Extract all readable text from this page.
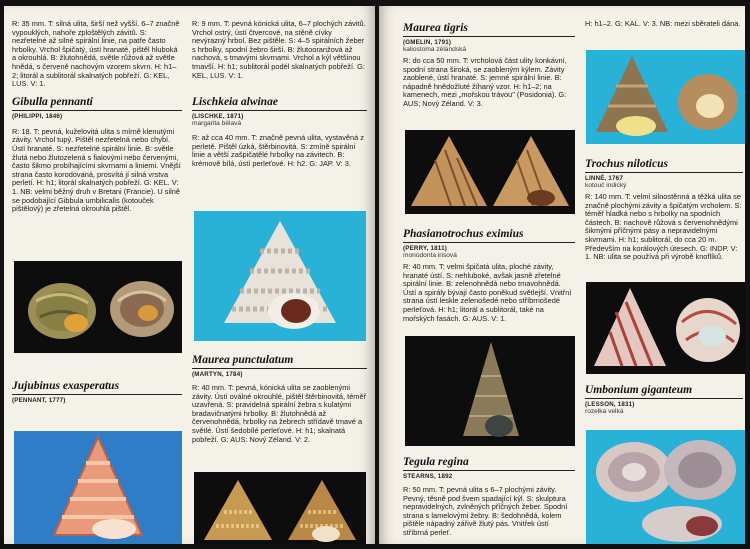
R: 35 mm. T: silná ulita, širší než vyšší. 6–7 značně vypouklých, nahoře zploštělých závitů. S: nezřetelné až silné spirální linie, na patře často hrbolky. Vrchol špičatý, ústí hranaté, pištěl hluboká a okrouhlá. B: žlutohnědá, světle růžová až světle hnědá, s červeně nachovým vzorem skvrn. H: h1–2; litorál a sublitorál skalnatých pobřeží. G: KEL, LUS. V: 1.

Gibulla pennanti

(PHILIPPI, 1846)

R: 18. T: pevná, kuželovitá ulita s mírně klenutými závity. Vrchol tupý. Pištěl nezřetelná nebo chybí. Ústí hranaté. S: nezřetelné spirální linie. B: světle žlutá nebo žlutozelená s fialovými nebo červenými, často šikmo probíhajícími skvrnami a liniemi. Vnější strana často korodovaná, prosvítá jí silná vrstva perletí. H: h1; litorál skalnatých pobřeží. G: KEL. V: 1. NB: velmi běžný druh v Bretani (Francie). U silně se podobající Gibbula umbilicalis (kotouček pištělový) je zřetelná okrouhlá pištěl.

Jujubinus exasperatus

(PENNANT, 1777)

R: 9 mm. T: pevná kónická ulita, 6–7 plochých závitů. Vrchol ostrý, ústí čtvercové, na stěně cívky nevýrazný hrbol. Bez pištěle. S: 4–5 spirálních žeber s hrbolky, spodní žebro širší. B: žlutooranžová až nachová, s tmavými skvrnami. Vrchol a kýl většinou tmavší. H: h1; sublitorál podél skalnatých pobřeží. G: KEL, LUS. V: 1.

Lischkeia alwinae

(LISCHKE, 1871)

margarita bělavá

R: až cca 40 mm. T: značně pevná ulita, vystavěná z perletě. Pištěl úzká, štěrbinovitá. S: zmíně spirální linie a větší zašpičatělé hrbolky na závitech. B: krémově bílá, ústí perleťové. H: h2. G: JAP. V: 3.

Maurea punctulatum

(MARTYN, 1784)

R: 40 mm. T: pevná, kónická ulita se zaoblenými závity. Ústí oválné okrouhlé, pištěl štěrbinovitá, téměř uzavřená. S: pravidelná spirální žebra s kulatými bradavičnatými hrbolky. B: žlutohnědá až červenohnědá, hrbolky na žebrech střídavě tmavé a světlé. Ústí šedobílé perleťové. H: h1; skalnatá pobřeží. G: AUS: Nový Zéland. V: 2.

Maurea tigris

(GMELIN, 1791)

kaliostoma zélandská

R: do cca 50 mm. T: vrcholová část ulity konkávní, spodní strana široká, se zaobleným kýlem. Závity zaoblené, ústí hranaté. S: jemné spirální linie. B: nápadně hnědožluté žíhaný vzor. H: h1–2; na kamenech, mezi „mořskou trávou" (Posidonia). G: AUS; Nový Zéland. V: 3.

Phasianotrochus eximius

(PERRY, 1811)

monodonta irisová

R: 40 mm. T: velmi špičatá ulita, ploché závity, hranaté ústí. S: nehluboké, avšak jasně zřetelné spirální linie. B: zelenohnědá nebo tmavohnědá. Ústí a spirály bývají často poněkud světlejší. Vnitřní strana ústí leskle zelenošedé nebo stříbrnošedé perleťová. H: h1; litorál a sublitorál, také na mořských fasách. G: AUS. V: 1.

Tegula regina

STEARNS, 1892

R: 50 mm. T: pevná ulita s 6–7 plochými závity. Pevný, těsně pod švem spadající kýl. S: skulptura nepravidelných, zvlněných příčných žeber. Spodní strana s lamelovými žebry. B: šedohnědá, kolem pištěle nápadný zářivě žlutý pás. Vnitřek ústí stříbrná perleť.

H: h1–2. G: KAL. V: 3. NB: mezi sběrateli dána.

Trochus niloticus

LINNÉ, 1767

kotouč indický

R: 140 mm. T: velmi silnostěnná a těžká ulita se značně plochými závity a špičatým vrcholem. S: téměř hladká nebo s hrbolky na spodních částech. B: nachově růžová s červenohnědými šikmými příčnými pásy a nepravidelnými skvrnami. H: h1; sublitorál, do cca 20 m. Především na korálových útesech. G: INDP. V: 1. NB: ulita se používá při výrobě knoflíků.

Umbonium giganteum

(LESSON, 1831)

rozelka velká
